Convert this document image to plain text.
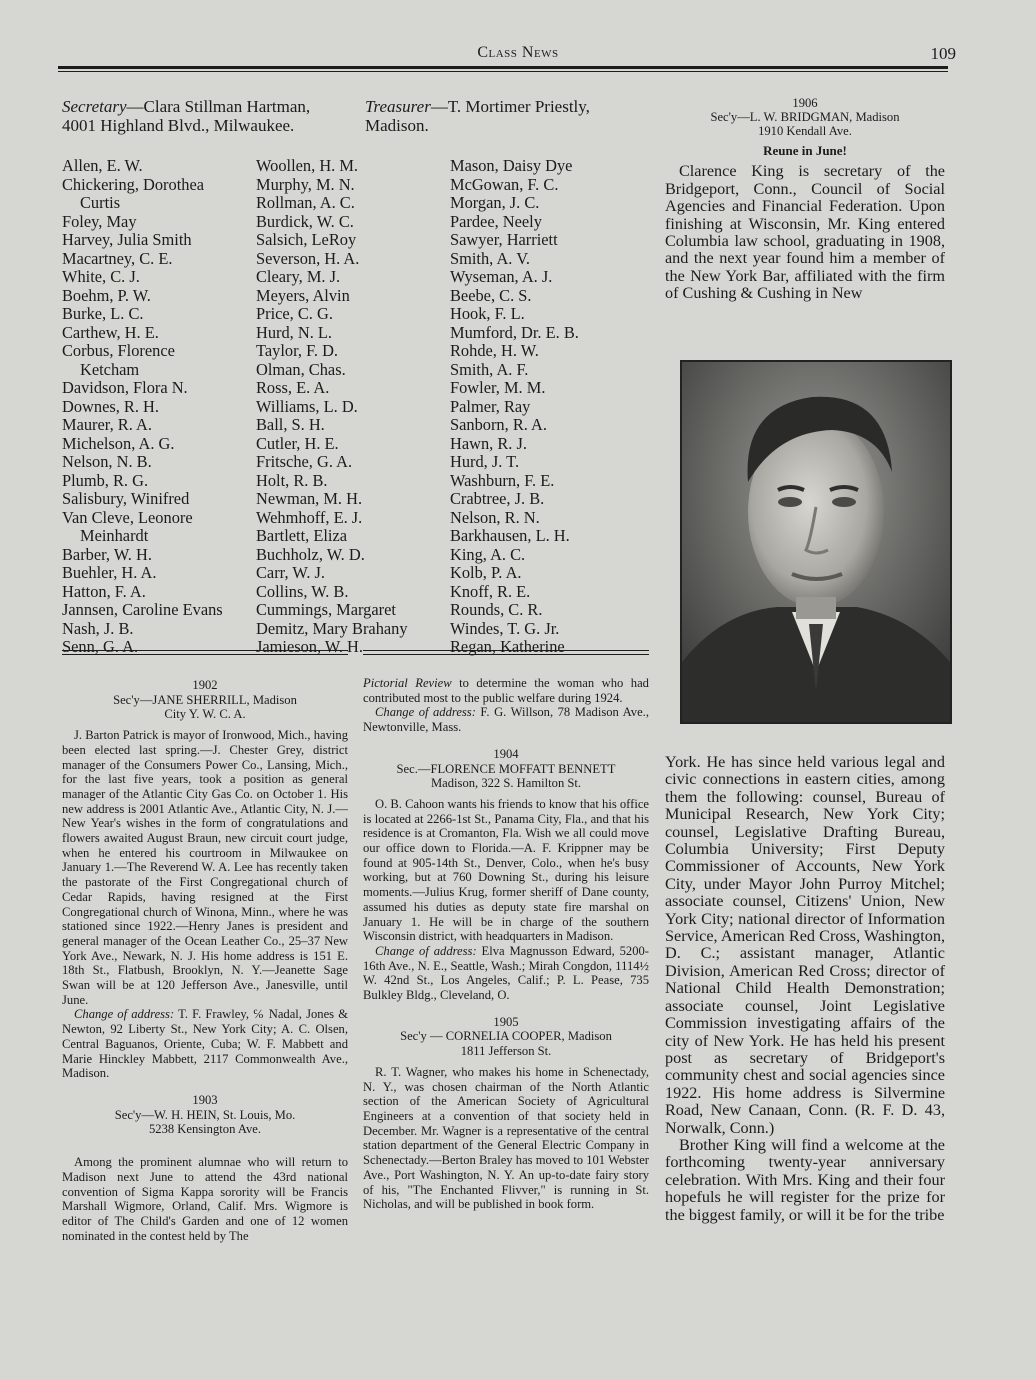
Class News	109
Secretary—Clara Stillman Hartman, 4001 Highland Blvd., Milwaukee.
Treasurer—T. Mortimer Priestly, Madison.
Allen, E. W.
Chickering, Dorothea
Curtis
Foley, May
Harvey, Julia Smith
Macartney, C. E.
White, C. J.
Boehm, P. W.
Burke, L. C.
Carthew, H. E.
Corbus, Florence
Ketcham
Davidson, Flora N.
Downes, R. H.
Maurer, R. A.
Michelson, A. G.
Nelson, N. B.
Plumb, R. G.
Salisbury, Winifred
Van Cleve, Leonore
Meinhardt
Barber, W. H.
Buehler, H. A.
Hatton, F. A.
Jannsen, Caroline Evans
Nash, J. B.
Senn, G. A.
Woollen, H. M.
Murphy, M. N.
Rollman, A. C.
Burdick, W. C.
Salsich, LeRoy
Severson, H. A.
Cleary, M. J.
Meyers, Alvin
Price, C. G.
Hurd, N. L.
Taylor, F. D.
Olman, Chas.
Ross, E. A.
Williams, L. D.
Ball, S. H.
Cutler, H. E.
Fritsche, G. A.
Holt, R. B.
Newman, M. H.
Wehmhoff, E. J.
Bartlett, Eliza
Buchholz, W. D.
Carr, W. J.
Collins, W. B.
Cummings, Margaret
Demitz, Mary Brahany
Jamieson, W. H.
Mason, Daisy Dye
McGowan, F. C.
Morgan, J. C.
Pardee, Neely
Sawyer, Harriett
Smith, A. V.
Wyseman, A. J.
Beebe, C. S.
Hook, F. L.
Mumford, Dr. E. B.
Rohde, H. W.
Smith, A. F.
Fowler, M. M.
Palmer, Ray
Sanborn, R. A.
Hawn, R. J.
Hurd, J. T.
Washburn, F. E.
Crabtree, J. B.
Nelson, R. N.
Barkhausen, L. H.
King, A. C.
Kolb, P. A.
Knoff, R. E.
Rounds, C. R.
Windes, T. G. Jr.
Regan, Katherine

1902

Sec'y—JANE SHERRILL, Madison

City Y. W. C. A.

J. Barton Patrick is mayor of Ironwood, Mich., having been elected last spring.—J. Chester Grey, district manager of the Consumers Power Co., Lansing, Mich., for the last five years, took a position as general manager of the Atlantic City Gas Co. on October 1. His new address is 2001 Atlantic Ave., Atlantic City, N. J.—New Year's wishes in the form of congratulations and flowers awaited August Braun, new circuit court judge, when he entered his courtroom in Milwaukee on January 1.—The Reverend W. A. Lee has recently taken the pastorate of the First Congregational church of Cedar Rapids, having resigned at the First Congregational church of Winona, Minn., where he was stationed since 1922.—Henry Janes is president and general manager of the Ocean Leather Co., 25–37 New York Ave., Newark, N. J. His home address is 151 E. 18th St., Flatbush, Brooklyn, N. Y.—Jeanette Sage Swan will be at 120 Jefferson Ave., Janesville, until June.

Change of address: T. F. Frawley, ℅ Nadal, Jones & Newton, 92 Liberty St., New York City; A. C. Olsen, Central Baguanos, Oriente, Cuba; W. F. Mabbett and Marie Hinckley Mabbett, 2117 Commonwealth Ave., Madison.

1903

Sec'y—W. H. HEIN, St. Louis, Mo.

5238 Kensington Ave.

Among the prominent alumnae who will return to Madison next June to attend the 43rd national convention of Sigma Kappa sorority will be Francis Marshall Wigmore, Orland, Calif. Mrs. Wigmore is editor of The Child's Garden and one of 12 women nominated in the contest held by The

Pictorial Review to determine the woman who had contributed most to the public welfare during 1924.

Change of address: F. G. Willson, 78 Madison Ave., Newtonville, Mass.

1904

Sec.—FLORENCE MOFFATT BENNETT

Madison, 322 S. Hamilton St.

O. B. Cahoon wants his friends to know that his office is located at 2266-1st St., Panama City, Fla., and that his residence is at Cromanton, Fla. Wish we all could move our office down to Florida.—A. F. Krippner may be found at 905-14th St., Denver, Colo., when he's busy working, but at 760 Downing St., during his leisure moments.—Julius Krug, former sheriff of Dane county, assumed his duties as deputy state fire marshal on January 1. He will be in charge of the southern Wisconsin district, with headquarters in Madison.

Change of address: Elva Magnusson Edward, 5200-16th Ave., N. E., Seattle, Wash.; Mirah Congdon, 1114½ W. 42nd St., Los Angeles, Calif.; P. L. Pease, 735 Bulkley Bldg., Cleveland, O.

1905

Sec'y — CORNELIA COOPER, Madison

1811 Jefferson St.

R. T. Wagner, who makes his home in Schenectady, N. Y., was chosen chairman of the North Atlantic section of the American Society of Agricultural Engineers at a convention of that society held in December. Mr. Wagner is a representative of the central station department of the General Electric Company in Schenectady.—Berton Braley has moved to 101 Webster Ave., Port Washington, N. Y. An up-to-date fairy story of his, "The Enchanted Flivver," is running in St. Nicholas, and will be published in book form.

1906

Sec'y—L. W. BRIDGMAN, Madison

1910 Kendall Ave.

Reune in June!

Clarence King is secretary of the Bridgeport, Conn., Council of Social Agencies and Financial Federation. Upon finishing at Wisconsin, Mr. King entered Columbia law school, graduating in 1908, and the next year found him a member of the New York Bar, affiliated with the firm of Cushing & Cushing in New

York. He has since held various legal and civic connections in eastern cities, among them the following: counsel, Bureau of Municipal Research, New York City; counsel, Legislative Drafting Bureau, Columbia University; First Deputy Commissioner of Accounts, New York City, under Mayor John Purroy Mitchel; associate counsel, Citizens' Union, New York City; national director of Information Service, American Red Cross, Washington, D. C.; assistant manager, Atlantic Division, American Red Cross; director of National Child Health Demonstration; associate counsel, Joint Legislative Commission investigating affairs of the city of New York. He has held his present post as secretary of Bridgeport's community chest and social agencies since 1922. His home address is Silvermine Road, New Canaan, Conn. (R. F. D. 43, Norwalk, Conn.)

Brother King will find a welcome at the forthcoming twenty-year anniversary celebration. With Mrs. King and their four hopefuls he will register for the prize for the biggest family, or will it be for the tribe
